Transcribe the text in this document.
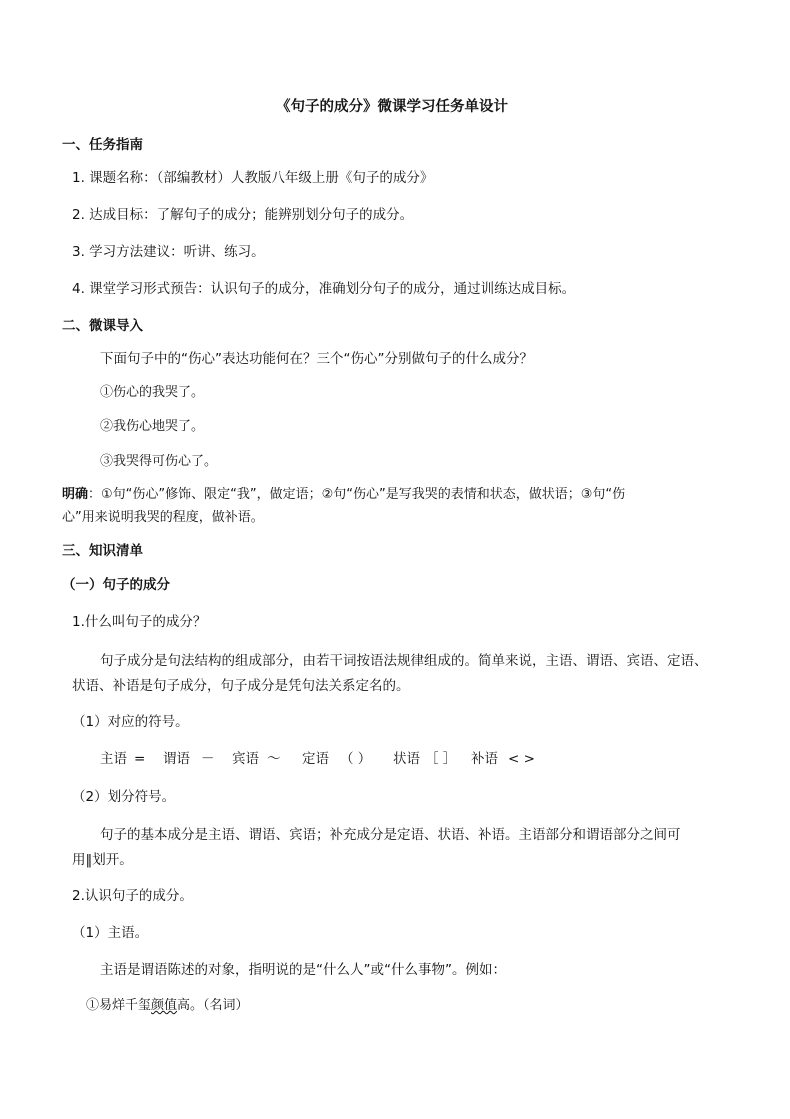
《句子的成分》微课学习任务单设计
一、任务指南
1. 课题名称：（部编教材）人教版八年级上册《句子的成分》
2. 达成目标：了解句子的成分；能辨别划分句子的成分。
3. 学习方法建议：听讲、练习。
4. 课堂学习形式预告：认识句子的成分，准确划分句子的成分，通过训练达成目标。
二、微课导入
下面句子中的“伤心”表达功能何在？三个“伤心”分别做句子的什么成分？
①伤心的我哭了。
②我伤心地哭了。
③我哭得可伤心了。
明确：①句“伤心”修饰、限定“我”，做定语；②句“伤心”是写我哭的表情和状态，做状语；③句“伤
心”用来说明我哭的程度，做补语。
三、知识清单
（一）句子的成分
1.什么叫句子的成分？
句子成分是句法结构的组成部分，由若干词按语法规律组成的。简单来说，主语、谓语、宾语、定语、
状语、补语是句子成分，句子成分是凭句法关系定名的。
（1）对应的符号。
主语 = 谓语 － 宾语 ～ 定语 （ ） 状语 ［ ］ 补语 < >
（2）划分符号。
句子的基本成分是主语、谓语、宾语；补充成分是定语、状语、补语。主语部分和谓语部分之间可
用‖划开。
2.认识句子的成分。
（1）主语。
主语是谓语陈述的对象，指明说的是“什么人”或“什么事物”。例如：
①易烊千玺颜值高。（名词）
